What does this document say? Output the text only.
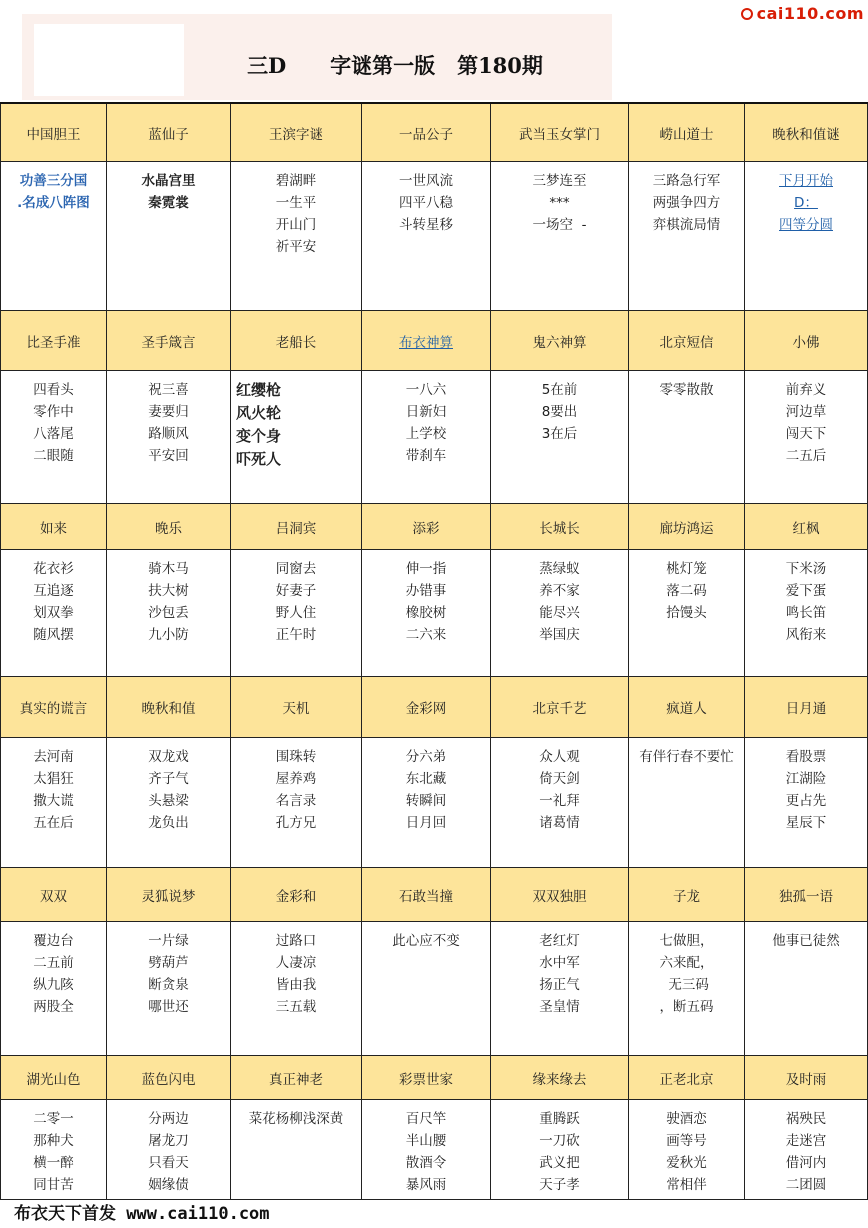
三D      字谜第一版   第180期
cai110.com
中国胆王
功善三分国
.名成八阵图
蓝仙子
水晶宫里
秦霓裳
王滨字谜
碧湖畔
一生平
开山门
祈平安
一品公子
一世风流
四平八稳
斗转星移
武当玉女掌门
三梦连至
***
一场空  -
崂山道士
三路急行军
两强争四方
弈棋流局情
晚秋和值谜
下月开始
D：
四等分圆
比圣手准
四看头
零作中
八落尾
二眼随
圣手箴言
祝三喜
妻要归
路顺风
平安回
老船长
红缨枪
风火轮
变个身
吓死人
布衣神算
一八六
日新妇
上学校
带刹车
鬼六神算
5在前
8要出
3在后
北京短信
零零散散
小佛
前弃义
河边草
闯天下
二五后
如来
花衣衫
互追逐
划双拳
随风摆
晚乐
骑木马
扶大树
沙包丢
九小防
吕洞宾
同窗去
好妻子
野人住
正午时
添彩
伸一指
办错事
橡胶树
二六来
长城长
蒸绿蚁
养不家
能尽兴
举国庆
廊坊鸿运
桃灯笼
落二码
拾馒头
红枫
下米汤
爱下蛋
鸣长笛
风衔来
真实的谎言
去河南
太猖狂
撒大谎
五在后
晚秋和值
双龙戏
齐子气
头悬梁
龙负出
天机
围珠转
屋养鸡
名言录
孔方兄
金彩网
分六弟
东北藏
转瞬间
日月回
北京千艺
众人观
倚天剑
一礼拜
诸葛情
疯道人
有伴行春不要忙
日月通
看股票
江湖险
更占先
星辰下
双双
覆边台
二五前
纵九陔
两股全
灵狐说梦
一片绿
劈葫芦
断贪泉
哪世还
金彩和
过路口
人凄凉
皆由我
三五载
石敢当撞
此心应不变
双双独胆
老红灯
水中军
扬正气
圣皇情
子龙
七做胆，
六来配，
无三码
，断五码
独孤一语
他事已徒然
湖光山色
二零一
那种犬
横一醉
同甘苦
蓝色闪电
分两边
屠龙刀
只看天
姻缘债
真正神老
菜花杨柳浅深黄
彩票世家
百尺竿
半山腰
散酒令
暴风雨
缘来缘去
重腾跃
一刀砍
武义把
天子孝
正老北京
驶酒恋
画等号
爱秋光
常相伴
及时雨
祸殃民
走迷宫
借河内
二团圆
布衣天下首发 www.cai110.com
